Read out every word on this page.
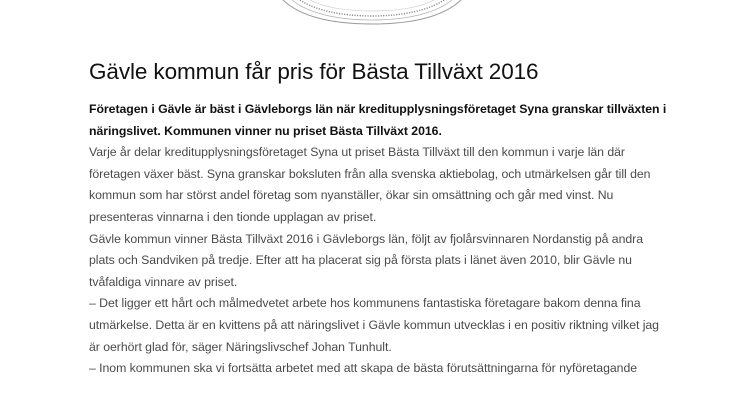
Gävle kommun får pris för Bästa Tillväxt 2016

Företagen i Gävle är bäst i Gävleborgs län när kreditupplysningsföretaget Syna granskar tillväxten i näringslivet. Kommunen vinner nu priset Bästa Tillväxt 2016.

Varje år delar kreditupplysningsföretaget Syna ut priset Bästa Tillväxt till den kommun i varje län där företagen växer bäst. Syna granskar boksluten från alla svenska aktiebolag, och utmärkelsen går till den kommun som har störst andel företag som nyanställer, ökar sin omsättning och går med vinst. Nu presenteras vinnarna i den tionde upplagan av priset.

Gävle kommun vinner Bästa Tillväxt 2016 i Gävleborgs län, följt av fjolårsvinnaren Nordanstig på andra plats och Sandviken på tredje. Efter att ha placerat sig på första plats i länet även 2010, blir Gävle nu tvåfaldiga vinnare av priset.

– Det ligger ett hårt och målmedvetet arbete hos kommunens fantastiska företagare bakom denna fina utmärkelse. Detta är en kvittens på att näringslivet i Gävle kommun utvecklas i en positiv riktning vilket jag är oerhört glad för, säger Näringslivschef Johan Tunhult.

– Inom kommunen ska vi fortsätta arbetet med att skapa de bästa förutsättningarna för nyföretagande
